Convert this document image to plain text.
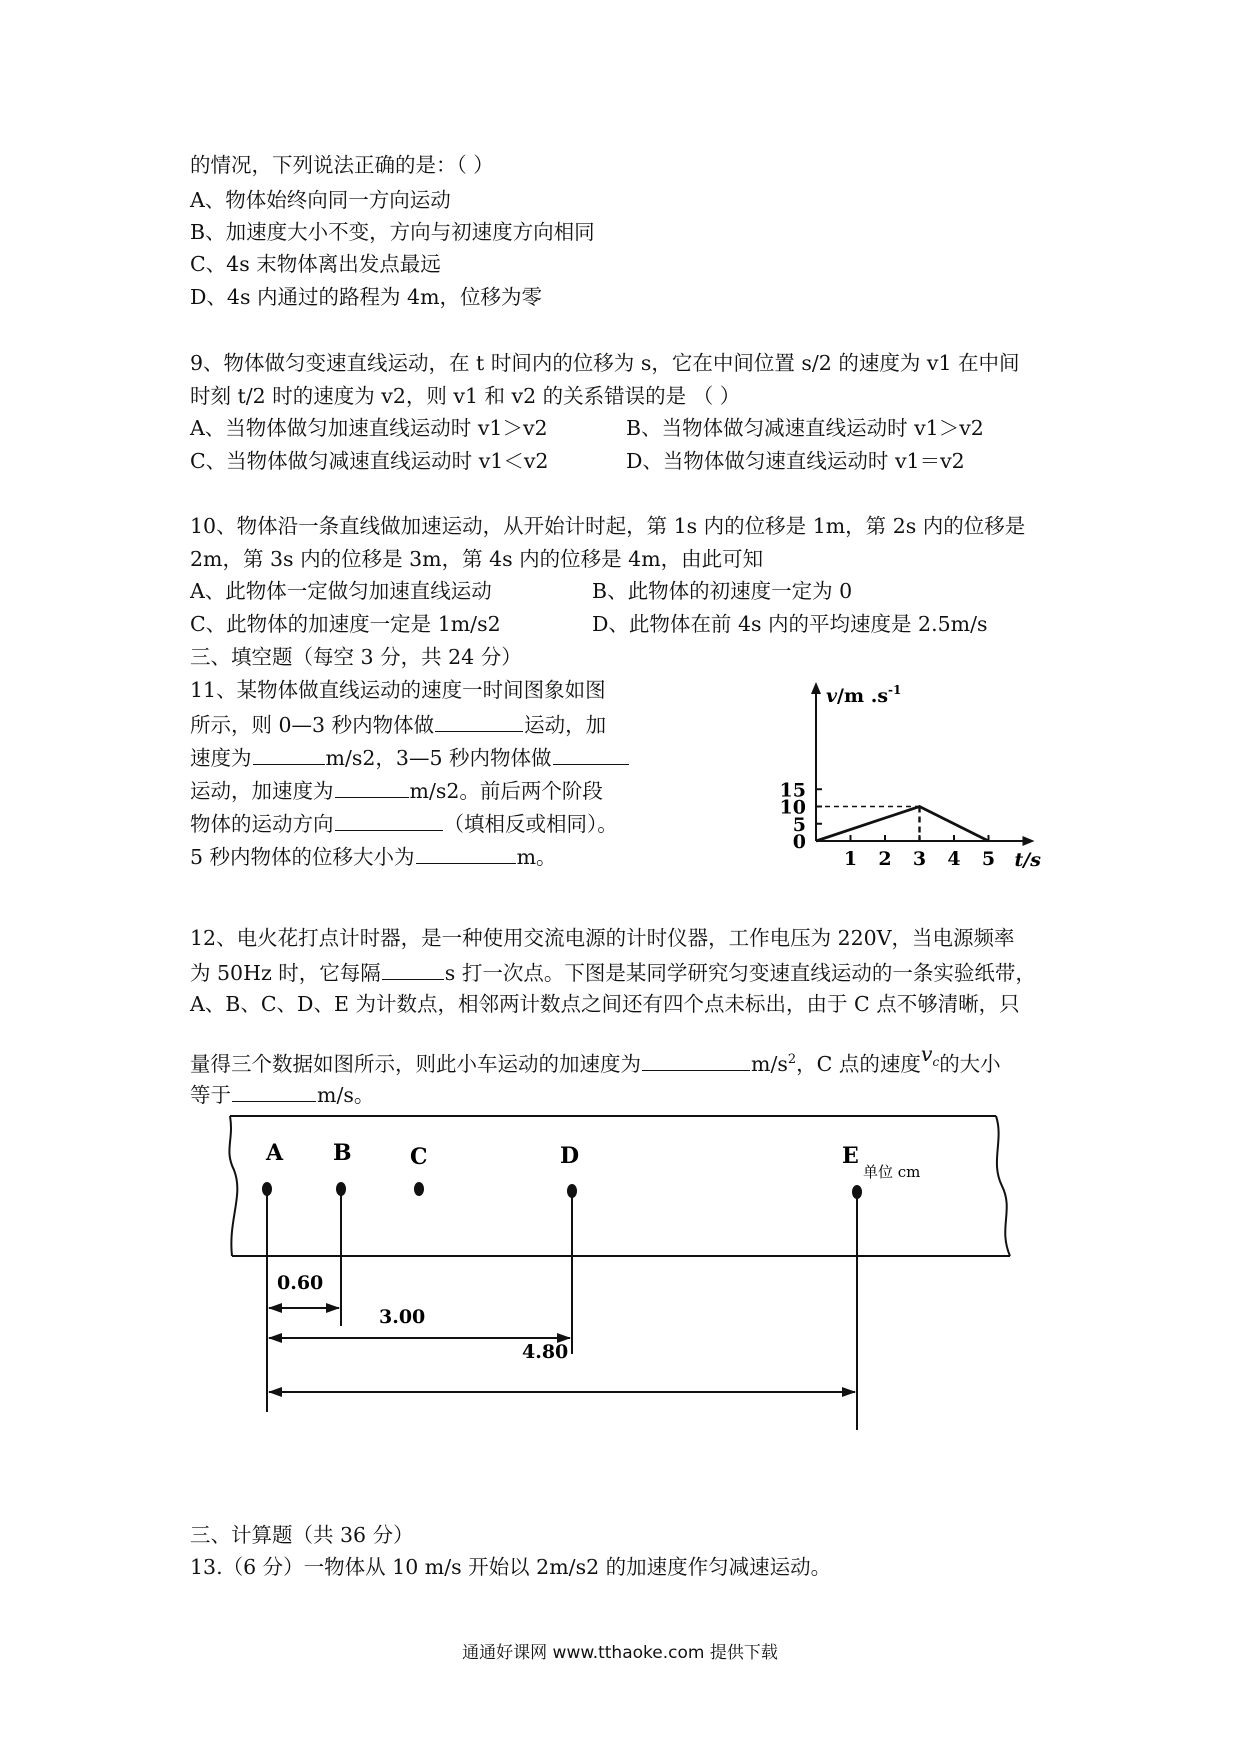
的情况，下列说法正确的是：（ ）
A、物体始终向同一方向运动
B、加速度大小不变，方向与初速度方向相同
C、4s 末物体离出发点最远
D、4s 内通过的路程为 4m，位移为零
9、物体做匀变速直线运动，在 t 时间内的位移为 s，它在中间位置 s/2 的速度为 v1 在中间
时刻 t/2 时的速度为 v2，则 v1 和 v2 的关系错误的是 （ ）
A、当物体做匀加速直线运动时 v1＞v2	B、当物体做匀减速直线运动时 v1＞v2
C、当物体做匀减速直线运动时 v1＜v2	D、当物体做匀速直线运动时 v1＝v2
10、物体沿一条直线做加速运动，从开始计时起，第 1s 内的位移是 1m，第 2s 内的位移是
2m，第 3s 内的位移是 3m，第 4s 内的位移是 4m，由此可知
A、此物体一定做匀加速直线运动	B、此物体的初速度一定为 0
C、此物体的加速度一定是 1m/s2	D、此物体在前 4s 内的平均速度是 2.5m/s
三、填空题（每空 3 分，共 24 分）
11、某物体做直线运动的速度一时间图象如图
所示，则 0—3 秒内物体做	运动，加
速度为	m/s2，3—5 秒内物体做
运动，加速度为	m/s2。前后两个阶段
物体的运动方向	（填相反或相同）。
5 秒内物体的位移大小为	m。	1 2 3 4 5
5
10
15
0
v/m $.s^{-1}$
t/s
12、电火花打点计时器，是一种使用交流电源的计时仪器，工作电压为 220V，当电源频率
为 50Hz 时，它每隔	s 打一次点。下图是某同学研究匀变速直线运动的一条实验纸带，
A、B、C、D、E 为计数点，相邻两计数点之间还有四个点未标出，由于 C 点不够清晰，只
量得三个数据如图所示，则此小车运动的加速度为	$m/s^2$，C 点的速度$v_c$的大小
等于	m/s。
A B	C	D	E
单位 cm
0.60
3.00
4.80
三、计算题（共 36 分）
13.（6 分）一物体从 10 m/s 开始以 2m/s2 的加速度作匀减速运动。
通通好课网 www.tthaoke.com 提供下载
